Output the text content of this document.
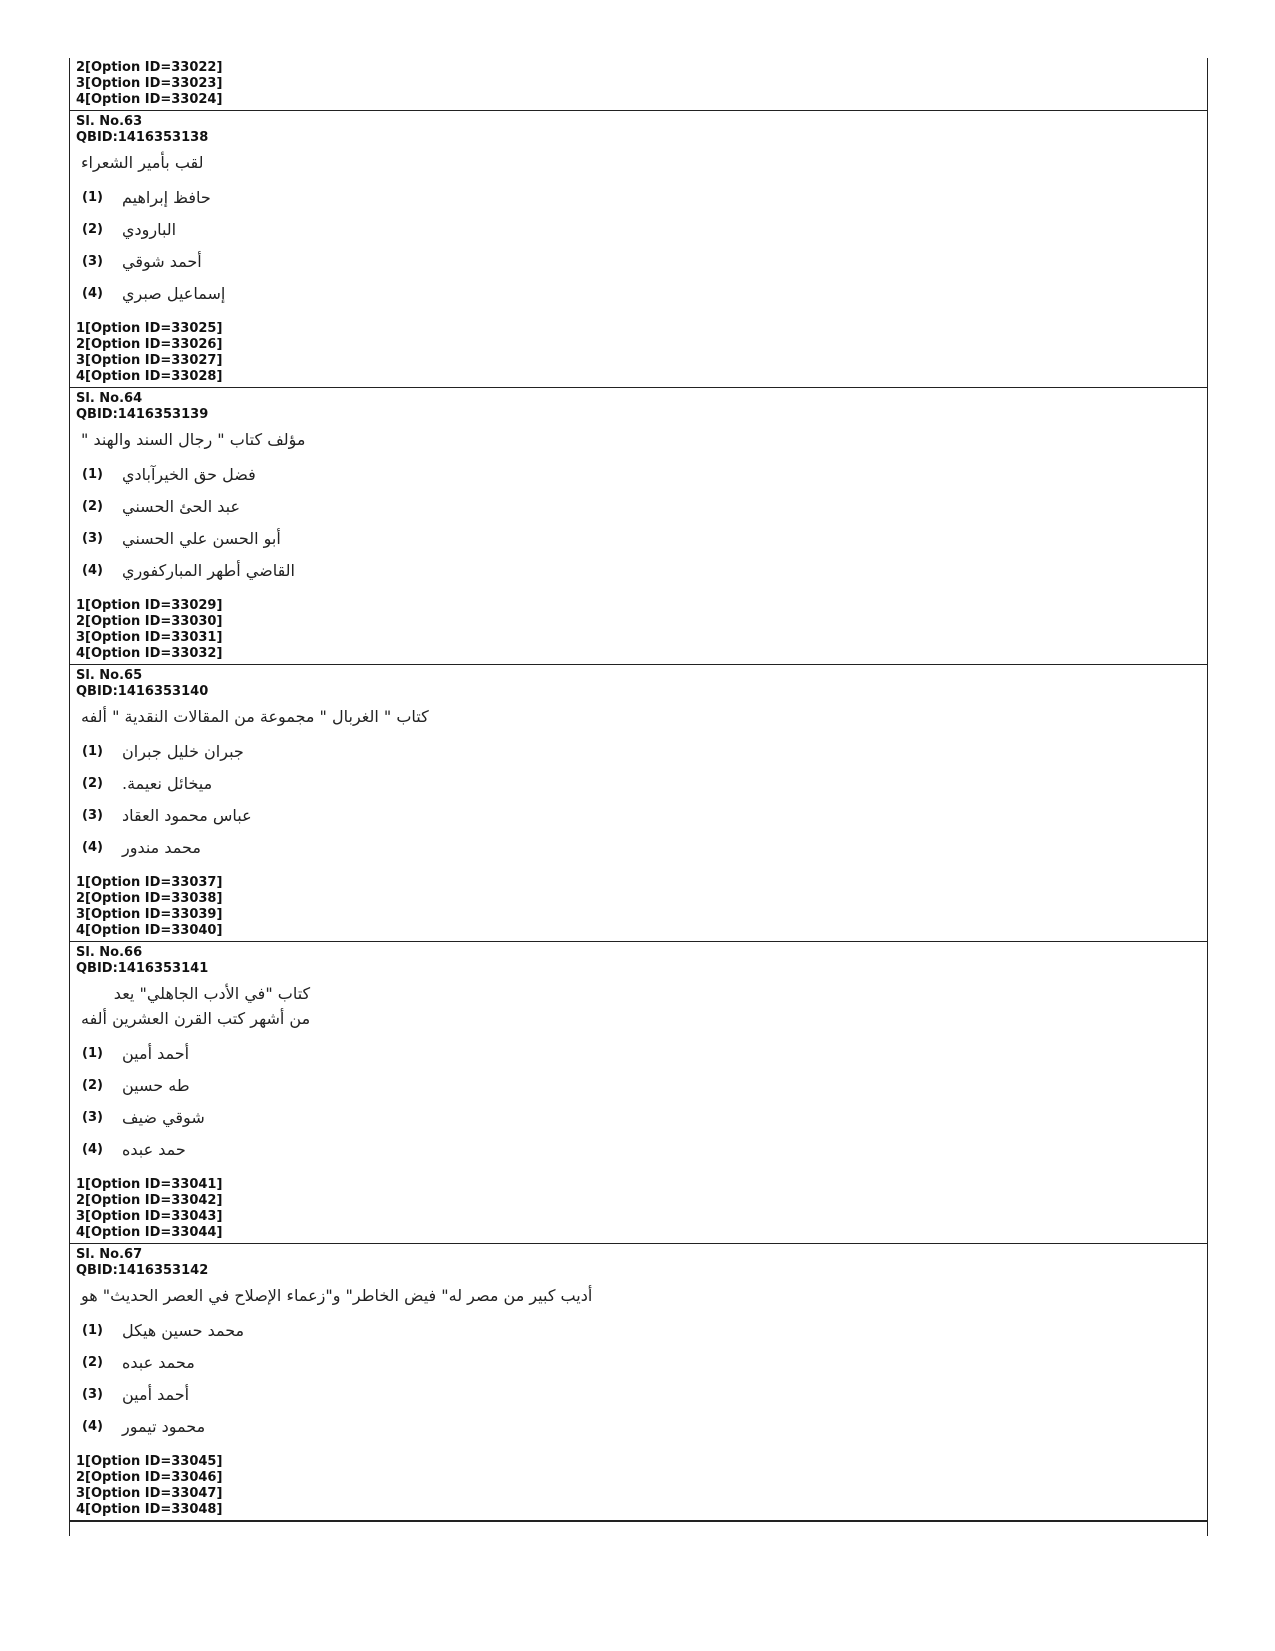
2[Option ID=33022]
3[Option ID=33023]
4[Option ID=33024]
Sl. No.63
QBID:1416353138
لقب بأمير الشعراء
(1)	حافظ إبراهيم
(2)	البارودي
(3)	أحمد شوقي
(4)	إسماعيل صبري
1[Option ID=33025]
2[Option ID=33026]
3[Option ID=33027]
4[Option ID=33028]
Sl. No.64
QBID:1416353139
مؤلف كتاب " رجال السند والهند "
(1)	فضل حق الخيرآبادي
(2)	عبد الحئ الحسني
(3)	أبو الحسن علي الحسني
(4)	القاضي أطهر المباركفوري
1[Option ID=33029]
2[Option ID=33030]
3[Option ID=33031]
4[Option ID=33032]
Sl. No.65
QBID:1416353140
كتاب " الغربال " مجموعة من المقالات النقدية " ألفه
(1)	جبران خليل جبران
(2)	ميخائل نعيمة.
(3)	عباس محمود العقاد
(4)	محمد مندور
1[Option ID=33037]
2[Option ID=33038]
3[Option ID=33039]
4[Option ID=33040]
Sl. No.66
QBID:1416353141
كتاب "في الأدب الجاهلي" يعد
من أشهر كتب القرن العشرين ألفه
(1)	أحمد أمين
(2)	طه حسين
(3)	شوقي ضيف
(4)	حمد عبده
1[Option ID=33041]
2[Option ID=33042]
3[Option ID=33043]
4[Option ID=33044]
Sl. No.67
QBID:1416353142
أديب كبير من مصر له" فيض الخاطر" و"زعماء الإصلاح في العصر الحديث" هو
(1)	محمد حسين هيكل
(2)	محمد عبده
(3)	أحمد أمين
(4)	محمود تيمور
1[Option ID=33045]
2[Option ID=33046]
3[Option ID=33047]
4[Option ID=33048]
